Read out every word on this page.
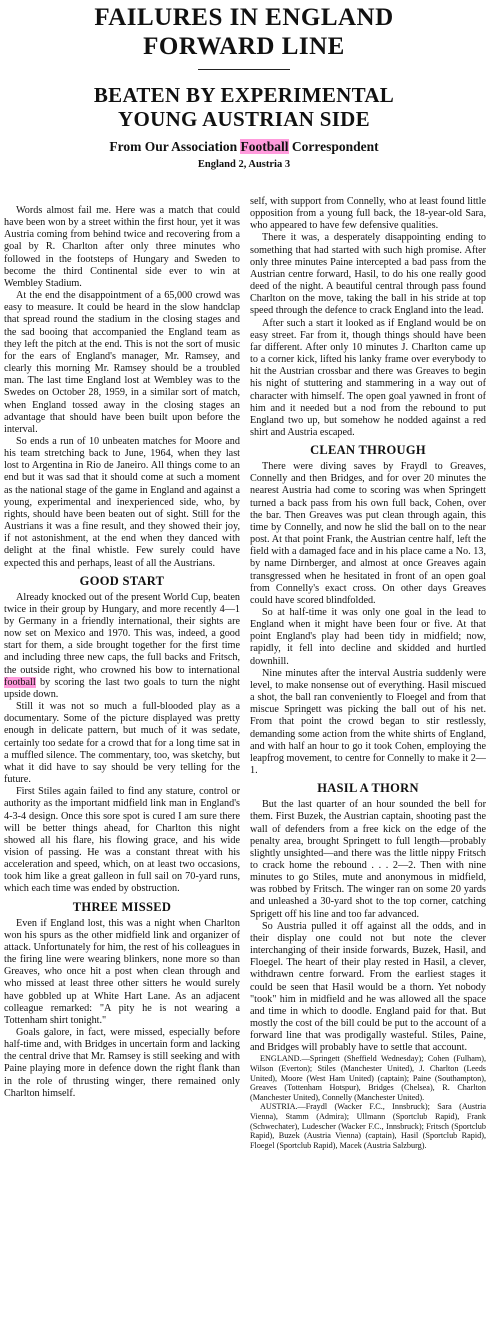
FAILURES IN ENGLAND
FORWARD LINE
BEATEN BY EXPERIMENTAL
YOUNG AUSTRIAN SIDE
From Our Association Football Correspondent
England 2, Austria 3

Words almost fail me. Here was a match that could have been won by a street within the first hour, yet it was Austria coming from behind twice and recovering from a goal by R. Charlton after only three minutes who followed in the footsteps of Hungary and Sweden to become the third Continental side ever to win at Wembley Stadium.

At the end the disappointment of a 65,000 crowd was easy to measure. It could be heard in the slow handclap that spread round the stadium in the closing stages and the sad booing that accompanied the England team as they left the pitch at the end. This is not the sort of music for the ears of England's manager, Mr. Ramsey, and clearly this morning Mr. Ramsey should be a troubled man. The last time England lost at Wembley was to the Swedes on October 28, 1959, in a similar sort of match, when England tossed away in the closing stages an advantage that should have been built upon before the interval.

So ends a run of 10 unbeaten matches for Moore and his team stretching back to June, 1964, when they last lost to Argentina in Rio de Janeiro. All things come to an end but it was sad that it should come at such a moment as the national stage of the game in England and against a young, experimental and inexperienced side, who, by rights, should have been beaten out of sight. Still for the Austrians it was a fine result, and they showed their joy, if not astonishment, at the end when they danced with delight at the final whistle. Few surely could have expected this and perhaps, least of all the Austrians.

GOOD START

Already knocked out of the present World Cup, beaten twice in their group by Hungary, and more recently 4—1 by Germany in a friendly international, their sights are now set on Mexico and 1970. This was, indeed, a good start for them, a side brought together for the first time and including three new caps, the full backs and Fritsch, the outside right, who crowned his bow to international football by scoring the last two goals to turn the night upside down.

Still it was not so much a full-blooded play as a documentary. Some of the picture displayed was pretty enough in delicate pattern, but much of it was sedate, certainly too sedate for a crowd that for a long time sat in a muffled silence. The commentary, too, was sketchy, but what it did have to say should be very telling for the future.

First Stiles again failed to find any stature, control or authority as the important midfield link man in England's 4-3-4 design. Once this sore spot is cured I am sure there will be better things ahead, for Charlton this night showed all his flare, his flowing grace, and his wide vision of passing. He was a constant threat with his acceleration and speed, which, on at least two occasions, took him like a great galleon in full sail on 70-yard runs, which each time was ended by obstruction.

THREE MISSED

Even if England lost, this was a night when Charlton won his spurs as the other midfield link and organizer of attack. Unfortunately for him, the rest of his colleagues in the firing line were wearing blinkers, none more so than Greaves, who once hit a post when clean through and who missed at least three other sitters he would surely have gobbled up at White Hart Lane. As an adjacent colleague remarked: "A pity he is not wearing a Tottenham shirt tonight."

Goals galore, in fact, were missed, especially before half-time and, with Bridges in uncertain form and lacking the central drive that Mr. Ramsey is still seeking and with Paine playing more in defence down the right flank than in the role of thrusting winger, there remained only Charlton himself.

self, with support from Connelly, who at least found little opposition from a young full back, the 18-year-old Sara, who appeared to have few defensive qualities.

There it was, a desperately disappointing ending to something that had started with such high promise. After only three minutes Paine intercepted a bad pass from the Austrian centre forward, Hasil, to do his one really good deed of the night. A beautiful central through pass found Charlton on the move, taking the ball in his stride at top speed through the defence to crack England into the lead.

After such a start it looked as if England would be on easy street. Far from it, though things should have been far different. After only 10 minutes J. Charlton came up to a corner kick, lifted his lanky frame over everybody to hit the Austrian crossbar and there was Greaves to begin his night of stuttering and stammering in a way out of character with himself. The open goal yawned in front of him and it needed but a nod from the rebound to put England two up, but somehow he nodded against a red shirt and Austria escaped.

CLEAN THROUGH

There were diving saves by Fraydl to Greaves, Connelly and then Bridges, and for over 20 minutes the nearest Austria had come to scoring was when Springett turned a back pass from his own full back, Cohen, over the bar. Then Greaves was put clean through again, this time by Connelly, and now he slid the ball on to the near post. At that point Frank, the Austrian centre half, left the field with a damaged face and in his place came a No. 13, by name Dirnberger, and almost at once Greaves again transgressed when he hesitated in front of an open goal from Connelly's exact cross. On other days Greaves could have scored blindfolded.

So at half-time it was only one goal in the lead to England when it might have been four or five. At that point England's play had been tidy in midfield; now, rapidly, it fell into decline and skidded and hurtled downhill.

Nine minutes after the interval Austria suddenly were level, to make nonsense out of everything. Hasil miscued a shot, the ball ran conveniently to Floegel and from that miscue Springett was picking the ball out of his net. From that point the crowd began to stir restlessly, demanding some action from the white shirts of England, and with half an hour to go it took Cohen, employing the leapfrog movement, to centre for Connelly to make it 2—1.

HASIL A THORN

But the last quarter of an hour sounded the bell for them. First Buzek, the Austrian captain, shooting past the wall of defenders from a free kick on the edge of the penalty area, brought Springett to full length—probably slightly unsighted—and there was the little nippy Fritsch to crack home the rebound . . . 2—2. Then with nine minutes to go Stiles, mute and anonymous in midfield, was robbed by Fritsch. The winger ran on some 20 yards and unleashed a 30-yard shot to the top corner, catching Sprigett off his line and too far advanced.

So Austria pulled it off against all the odds, and in their display one could not but note the clever interchanging of their inside forwards, Buzek, Hasil, and Floegel. The heart of their play rested in Hasil, a clever, withdrawn centre forward. From the earliest stages it could be seen that Hasil would be a thorn. Yet nobody "took" him in midfield and he was allowed all the space and time in which to doodle. England paid for that. But mostly the cost of the bill could be put to the account of a forward line that was prodigally wasteful. Stiles, Paine, and Bridges will probably have to settle that account.

ENGLAND.—Springett (Sheffield Wednesday); Cohen (Fulham), Wilson (Everton); Stiles (Manchester United), J. Charlton (Leeds United), Moore (West Ham United) (captain); Paine (Southampton), Greaves (Tottenham Hotspur), Bridges (Chelsea), R. Charlton (Manchester United), Connelly (Manchester United).

AUSTRIA.—Fraydl (Wacker F.C., Innsbruck); Sara (Austria Vienna), Stamm (Admira); Ullmann (Sportclub Rapid), Frank (Schwechater), Ludescher (Wacker F.C., Innsbruck); Fritsch (Sportclub Rapid), Buzek (Austria Vienna) (captain), Hasil (Sportclub Rapid), Floegel (Sportclub Rapid), Macek (Austria Salzburg).
